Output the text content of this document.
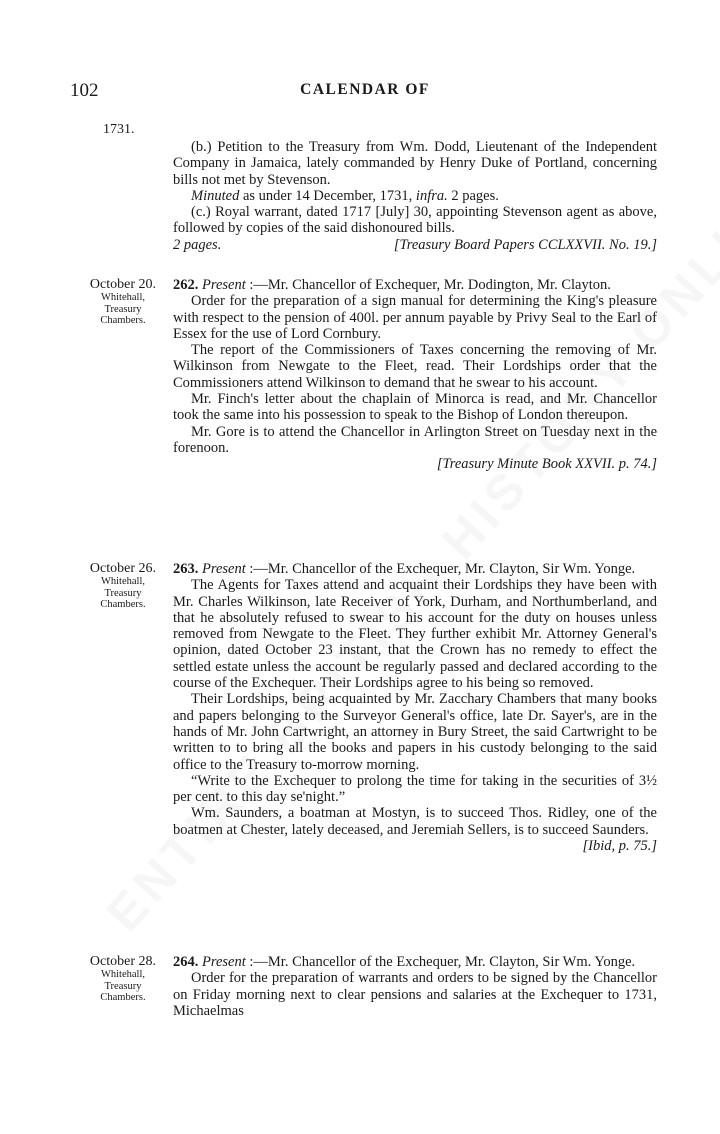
102	CALENDAR OF
1731.

(b.) Petition to the Treasury from Wm. Dodd, Lieutenant of the Independent Company in Jamaica, lately commanded by Henry Duke of Portland, concerning bills not met by Stevenson.

Minuted as under 14 December, 1731, infra. 2 pages.

(c.) Royal warrant, dated 1717 [July] 30, appointing Stevenson agent as above, followed by copies of the said dishonoured bills.

2 pages.	[Treasury Board Papers CCLXXVII. No. 19.]

October 20.
Whitehall,
Treasury
Chambers.

262. Present :—Mr. Chancellor of Exchequer, Mr. Dodington, Mr. Clayton.

Order for the preparation of a sign manual for determining the King's pleasure with respect to the pension of 400l. per annum payable by Privy Seal to the Earl of Essex for the use of Lord Cornbury.

The report of the Commissioners of Taxes concerning the removing of Mr. Wilkinson from Newgate to the Fleet, read. Their Lordships order that the Commissioners attend Wilkinson to demand that he swear to his account.

Mr. Finch's letter about the chaplain of Minorca is read, and Mr. Chancellor took the same into his possession to speak to the Bishop of London thereupon.

Mr. Gore is to attend the Chancellor in Arlington Street on Tuesday next in the forenoon.

[Treasury Minute Book XXVII. p. 74.]

October 26.
Whitehall,
Treasury
Chambers.

263. Present :—Mr. Chancellor of the Exchequer, Mr. Clayton, Sir Wm. Yonge.

The Agents for Taxes attend and acquaint their Lordships they have been with Mr. Charles Wilkinson, late Receiver of York, Durham, and Northumberland, and that he absolutely refused to swear to his account for the duty on houses unless removed from Newgate to the Fleet. They further exhibit Mr. Attorney General's opinion, dated October 23 instant, that the Crown has no remedy to effect the settled estate unless the account be regularly passed and declared according to the course of the Exchequer. Their Lordships agree to his being so removed.

Their Lordships, being acquainted by Mr. Zacchary Chambers that many books and papers belonging to the Surveyor General's office, late Dr. Sayer's, are in the hands of Mr. John Cartwright, an attorney in Bury Street, the said Cartwright to be written to to bring all the books and papers in his custody belonging to the said office to the Treasury to-morrow morning.

“Write to the Exchequer to prolong the time for taking in the securities of 3½ per cent. to this day se'night.”

Wm. Saunders, a boatman at Mostyn, is to succeed Thos. Ridley, one of the boatmen at Chester, lately deceased, and Jeremiah Sellers, is to succeed Saunders.
[Ibid, p. 75.]

October 28.
Whitehall,
Treasury
Chambers.

264. Present :—Mr. Chancellor of the Exchequer, Mr. Clayton, Sir Wm. Yonge.

Order for the preparation of warrants and orders to be signed by the Chancellor on Friday morning next to clear pensions and salaries at the Exchequer to 1731, Michaelmas
